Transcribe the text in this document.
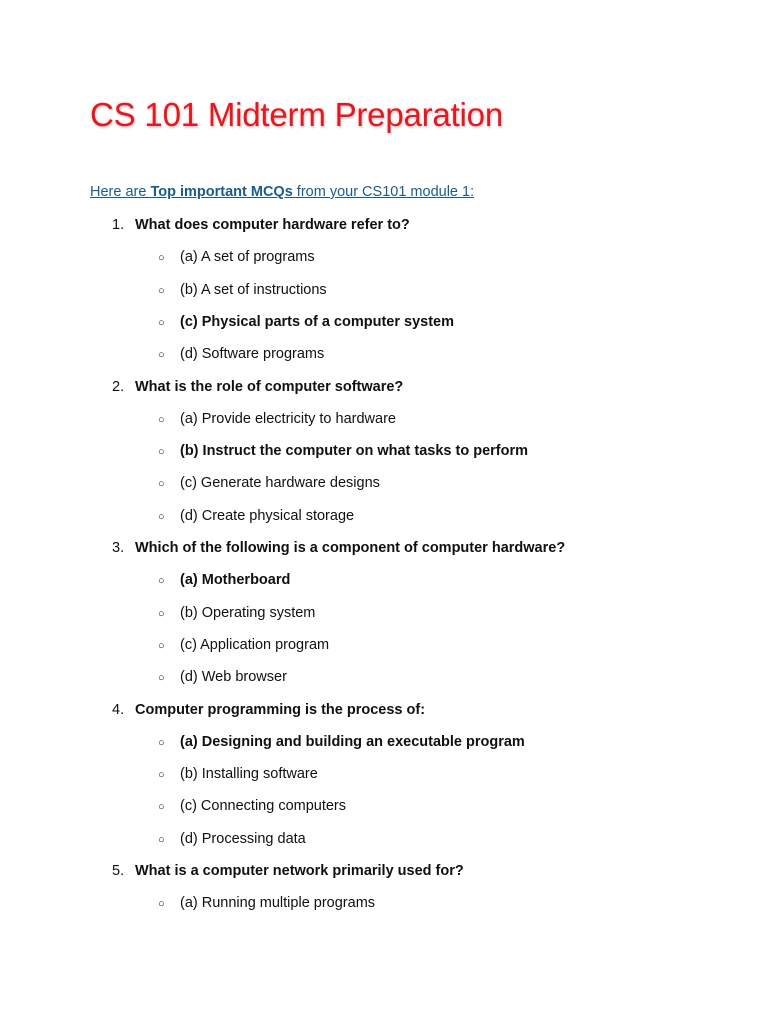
CS 101 Midterm Preparation
Here are Top important MCQs from your CS101 module 1:
1. What does computer hardware refer to?
○ (a) A set of programs
○ (b) A set of instructions
○ (c) Physical parts of a computer system
○ (d) Software programs
2. What is the role of computer software?
○ (a) Provide electricity to hardware
○ (b) Instruct the computer on what tasks to perform
○ (c) Generate hardware designs
○ (d) Create physical storage
3. Which of the following is a component of computer hardware?
○ (a) Motherboard
○ (b) Operating system
○ (c) Application program
○ (d) Web browser
4. Computer programming is the process of:
○ (a) Designing and building an executable program
○ (b) Installing software
○ (c) Connecting computers
○ (d) Processing data
5. What is a computer network primarily used for?
○ (a) Running multiple programs
